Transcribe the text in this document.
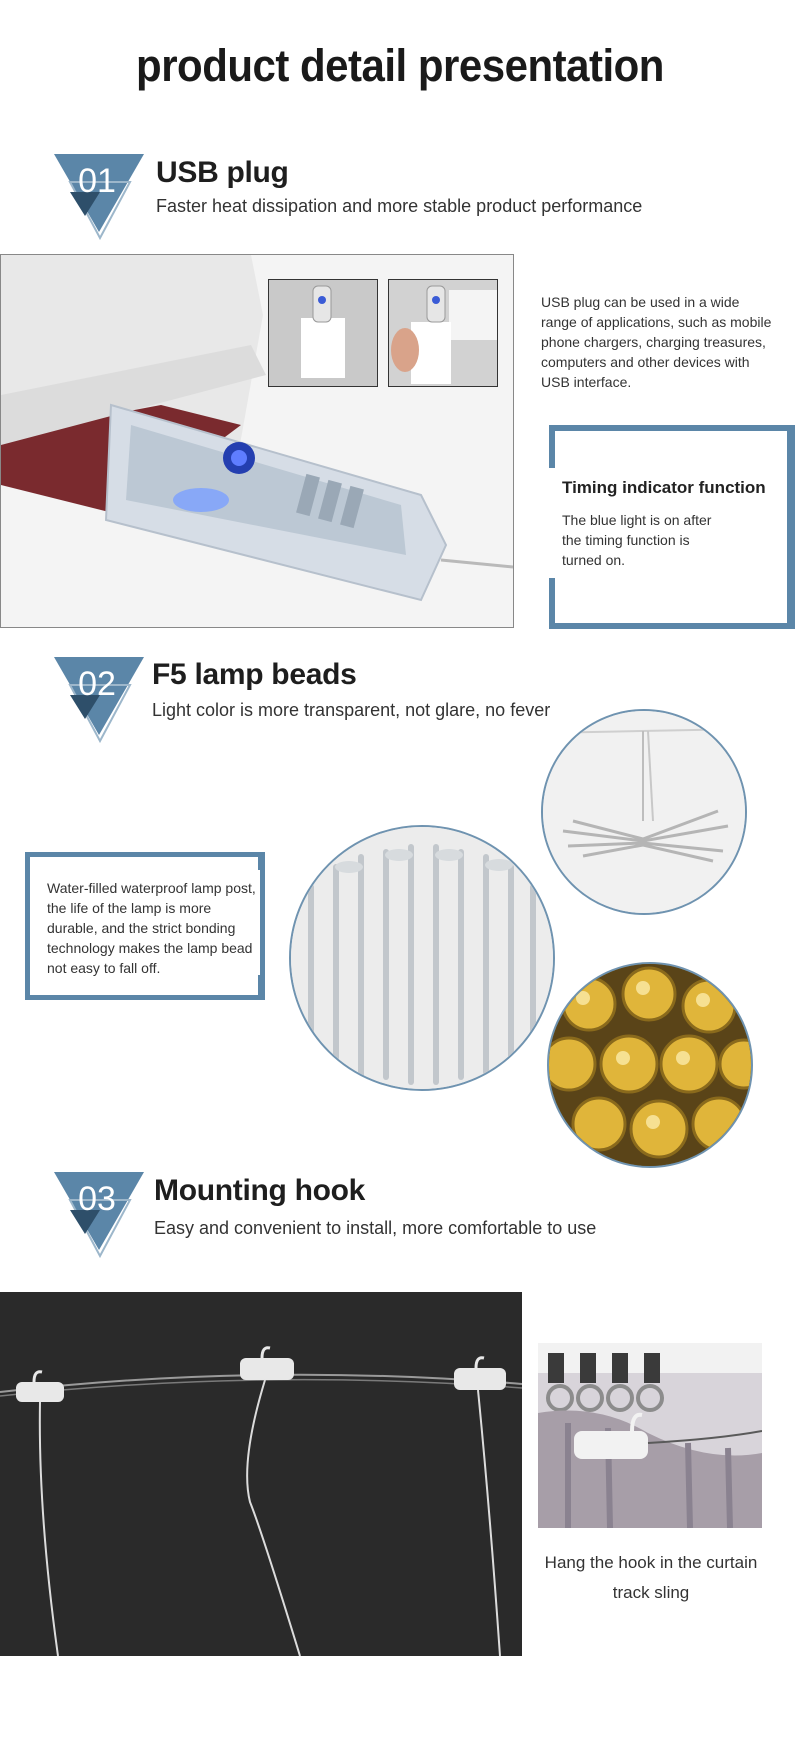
product detail presentation
01 USB plug
Faster heat dissipation and more stable product performance
USB plug can be used in a wide range of applications, such as mobile phone chargers, charging treasures, computers and other devices with USB interface.
Timing indicator function
The blue light is on after the timing function is turned on.
02 F5 lamp beads
Light color is more transparent, not glare, no fever
Water-filled waterproof lamp post, the life of the lamp is more durable, and the strict bonding technology makes the lamp bead not easy to fall off.
03 Mounting hook
Easy and convenient to install, more comfortable to use
Hang the hook in the curtain track sling
